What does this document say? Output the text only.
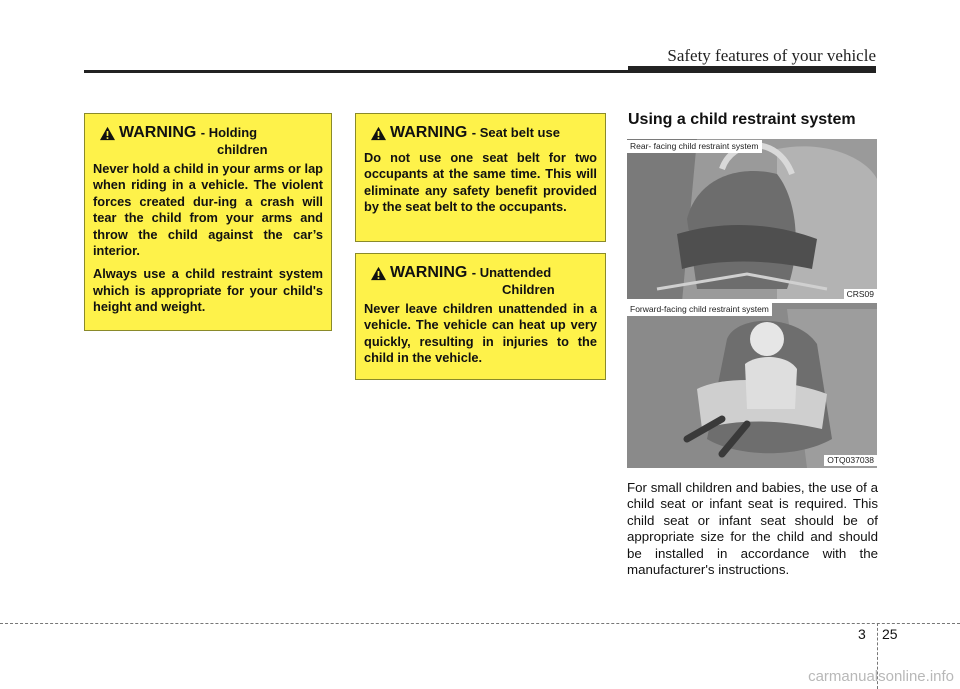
Safety features of your vehicle
WARNING - Holding
children

Never hold a child in your arms or lap when riding in a vehicle. The violent forces created dur-ing a crash will tear the child from your arms and throw the child against the car’s interior.

Always use a child restraint system which is appropriate for your child's height and weight.

WARNING - Seat belt use

Do not use one seat belt for two occupants at the same time. This will eliminate any safety benefit provided by the seat belt to the occupants.

WARNING - Unattended
Children

Never leave children unattended in a vehicle. The vehicle can heat up very quickly, resulting in injuries to the child in the vehicle.

Using a child restraint system
Rear- facing child restraint system
CRS09
Forward-facing child restraint system
OTQ037038

For small children and babies, the use of a child seat or infant seat is required. This child seat or infant seat should be of appropriate size for the child and should be installed in accordance with the manufacturer's instructions.

3 25
carmanualsonline.info
